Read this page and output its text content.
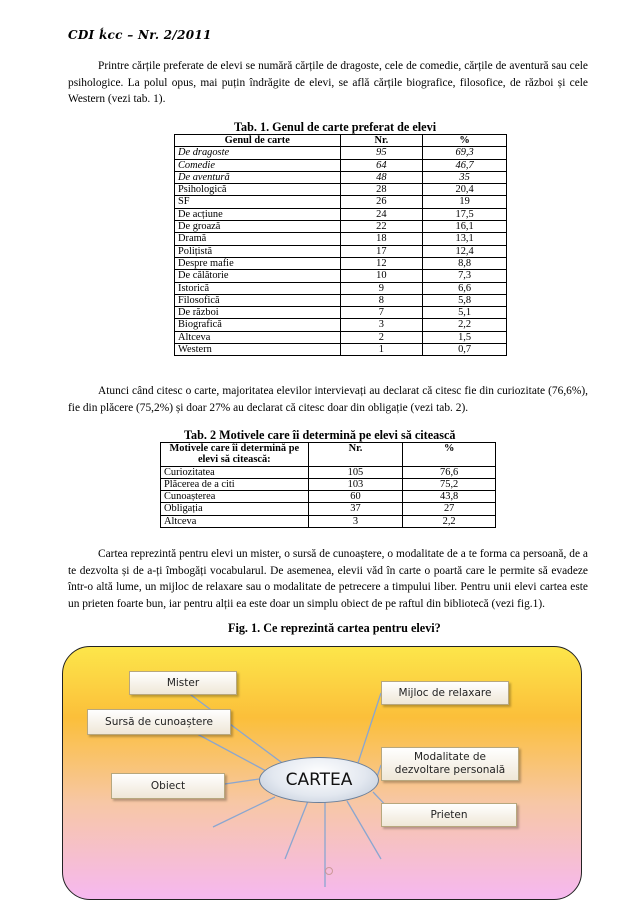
CDI ḱcc – Nr. 2/2011

Printre cărțile preferate de elevi se numără cărțile de dragoste, cele de comedie, cărțile de aventură sau cele psihologice. La polul opus, mai puțin îndrăgite de elevi, se află cărțile biografice, filosofice, de război și cele Western (vezi tab. 1).

Tab. 1. Genul de carte preferat de elevi
Genul de carte	Nr.	%
De dragoste	95	69,3
Comedie	64	46,7
De aventură	48	35
Psihologică	28	20,4
SF	26	19
De acțiune	24	17,5
De groază	22	16,1
Dramă	18	13,1
Polițistă	17	12,4
Despre mafie	12	8,8
De călătorie	10	7,3
Istorică	9	6,6
Filosofică	8	5,8
De război	7	5,1
Biografică	3	2,2
Altceva	2	1,5
Western	1	0,7

Atunci când citesc o carte, majoritatea elevilor intervievați au declarat că citesc fie din curiozitate (76,6%), fie din plăcere (75,2%) și doar 27% au declarat că citesc doar din obligație (vezi tab. 2).

Tab. 2 Motivele care îi determină pe elevi să citească
Motivele care îi determină pe elevi să citească:	Nr.	%
Curiozitatea	105	76,6
Plăcerea de a citi	103	75,2
Cunoașterea	60	43,8
Obligația	37	27
Altceva	3	2,2

Cartea reprezintă pentru elevi un mister, o sursă de cunoaștere, o modalitate de a te forma ca persoană, de a te dezvolta și de a-ți îmbogăți vocabularul. De asemenea, elevii văd în carte o poartă care le permite să evadeze într-o altă lume, un mijloc de relaxare sau o modalitate de petrecere a timpului liber. Pentru unii elevi cartea este un prieten foarte bun, iar pentru alții ea este doar un simplu obiect de pe raftul din bibliotecă (vezi fig.1).

Fig. 1. Ce reprezintă cartea pentru elevi?
Mister
Sursă de cunoaștere
Obiect
Mijloc de relaxare
Modalitate de dezvoltare personală
Prieten
CARTEA
